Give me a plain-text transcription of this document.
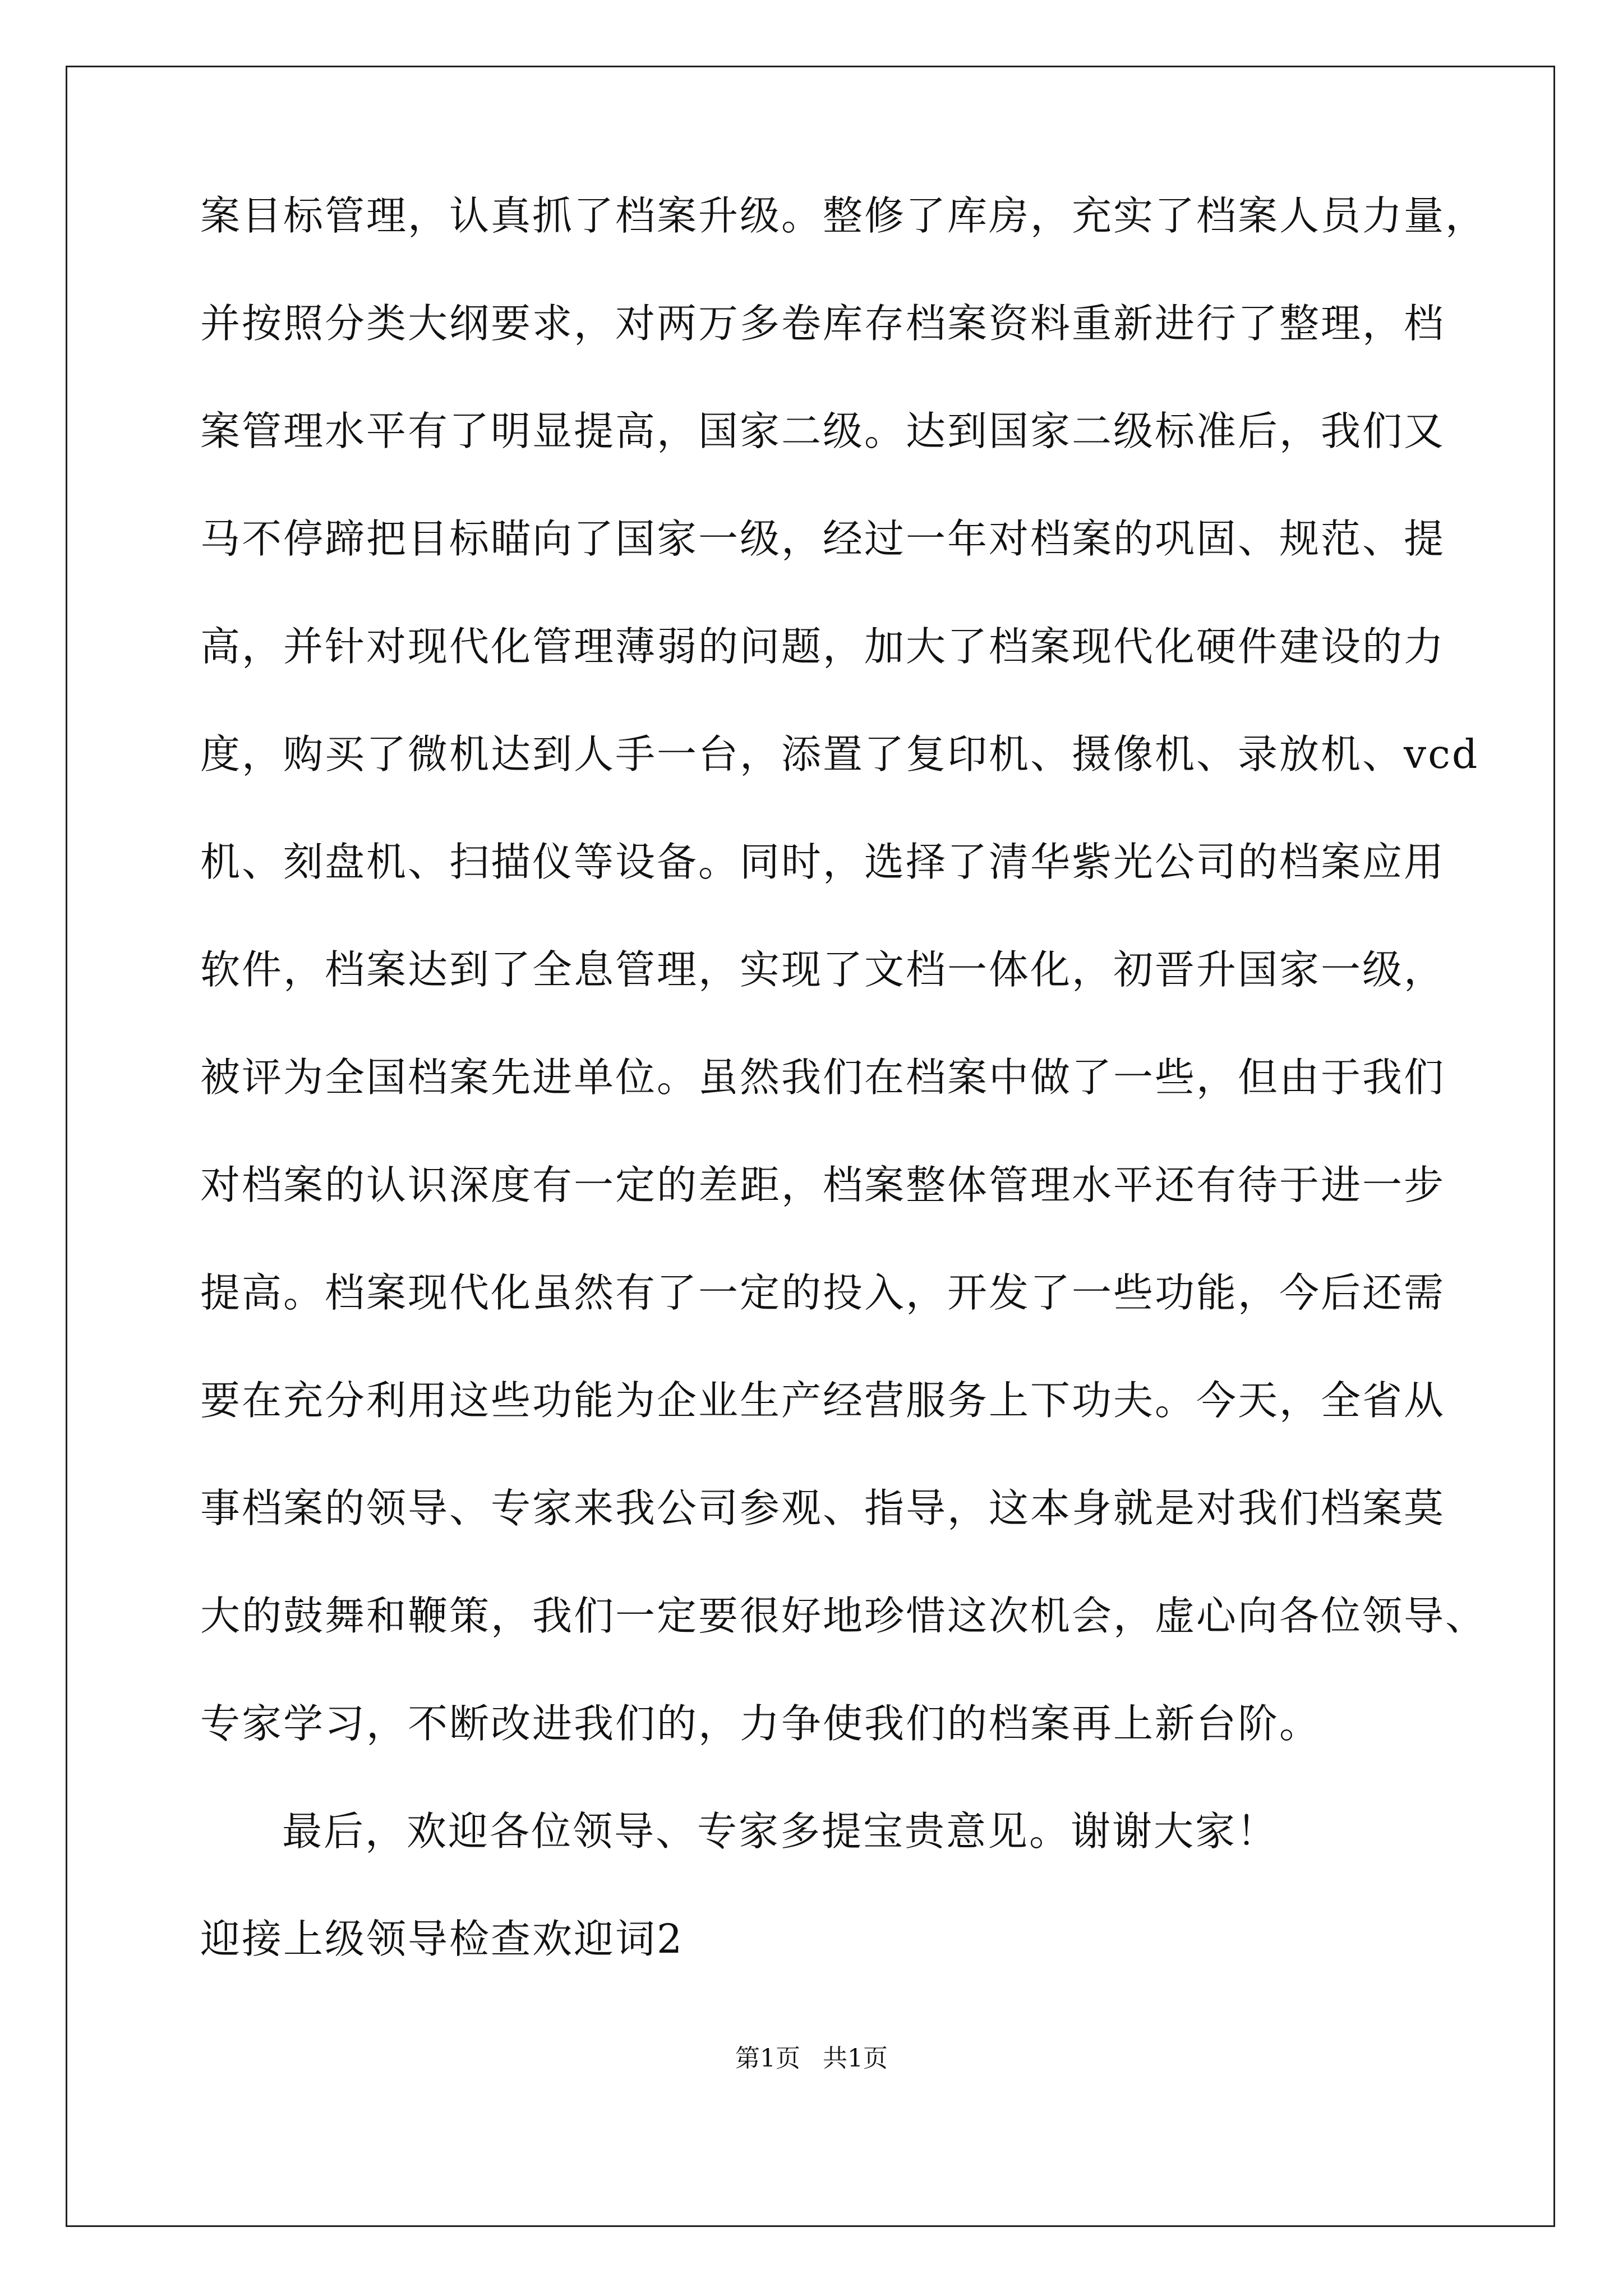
案目标管理，认真抓了档案升级。整修了库房，充实了档案人员力量，
并按照分类大纲要求，对两万多卷库存档案资料重新进行了整理，档
案管理水平有了明显提高，国家二级。达到国家二级标准后，我们又
马不停蹄把目标瞄向了国家一级，经过一年对档案的巩固、规范、提
高，并针对现代化管理薄弱的问题，加大了档案现代化硬件建设的力
度，购买了微机达到人手一台，添置了复印机、摄像机、录放机、vcd
机、刻盘机、扫描仪等设备。同时，选择了清华紫光公司的档案应用
软件，档案达到了全息管理，实现了文档一体化，初晋升国家一级，
被评为全国档案先进单位。虽然我们在档案中做了一些，但由于我们
对档案的认识深度有一定的差距，档案整体管理水平还有待于进一步
提高。档案现代化虽然有了一定的投入，开发了一些功能，今后还需
要在充分利用这些功能为企业生产经营服务上下功夫。今天，全省从
事档案的领导、专家来我公司参观、指导，这本身就是对我们档案莫
大的鼓舞和鞭策，我们一定要很好地珍惜这次机会，虚心向各位领导、
专家学习，不断改进我们的，力争使我们的档案再上新台阶。
最后，欢迎各位领导、专家多提宝贵意见。谢谢大家！
迎接上级领导检查欢迎词2
第1页 共1页
